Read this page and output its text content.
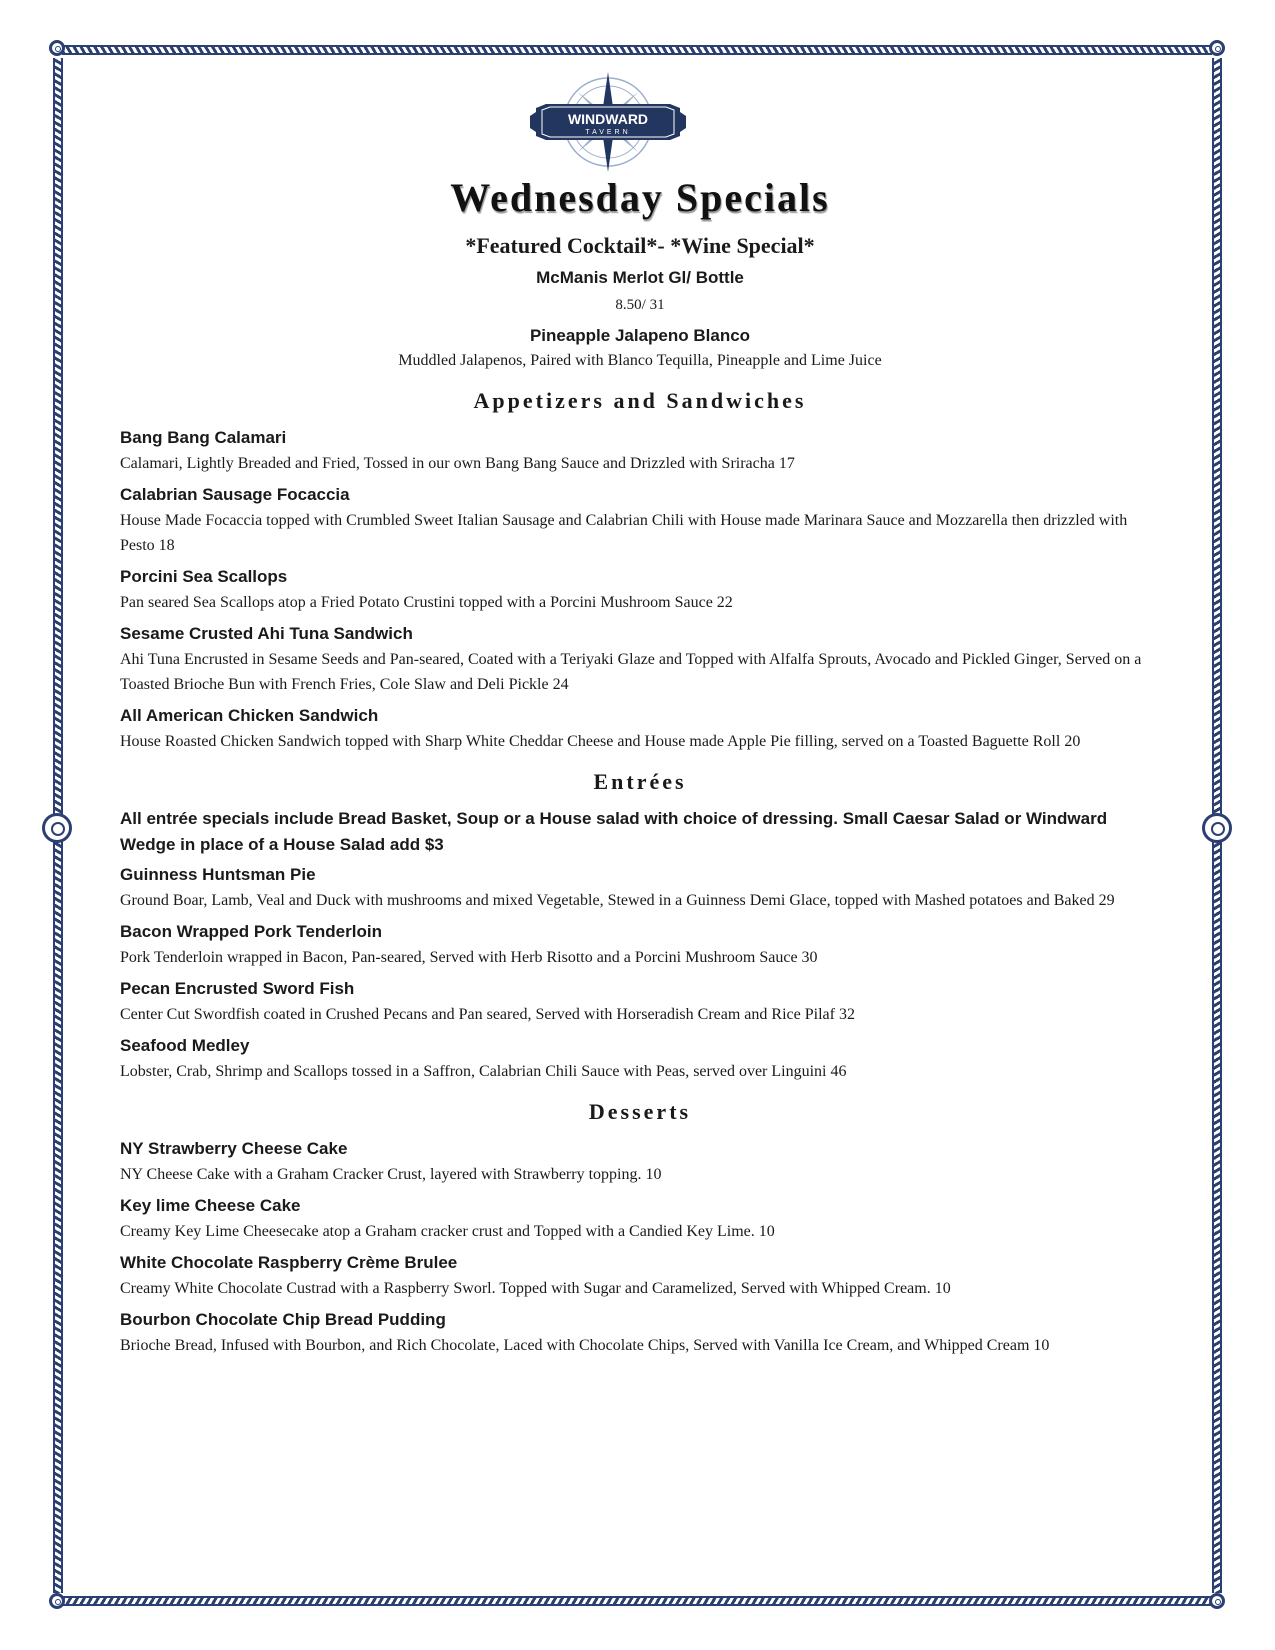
WINDWARD
TAVERN
Wednesday Specials
*Featured Cocktail*- *Wine Special*
McManis Merlot Gl/ Bottle
8.50/ 31
Pineapple Jalapeno Blanco
Muddled Jalapenos, Paired with Blanco Tequilla, Pineapple and Lime Juice
Appetizers and Sandwiches
Bang Bang Calamari
Calamari, Lightly Breaded and Fried, Tossed in our own Bang Bang Sauce and Drizzled with Sriracha 17
Calabrian Sausage Focaccia
House Made Focaccia topped with Crumbled Sweet Italian Sausage and Calabrian Chili with House made Marinara Sauce and Mozzarella then drizzled with Pesto 18
Porcini Sea Scallops
Pan seared Sea Scallops atop a Fried Potato Crustini topped with a Porcini Mushroom Sauce 22
Sesame Crusted Ahi Tuna Sandwich
Ahi Tuna Encrusted in Sesame Seeds and Pan-seared, Coated with a Teriyaki Glaze and Topped with Alfalfa Sprouts, Avocado and Pickled Ginger, Served on a Toasted Brioche Bun with French Fries, Cole Slaw and Deli Pickle 24
All American Chicken Sandwich
House Roasted Chicken Sandwich topped with Sharp White Cheddar Cheese and House made Apple Pie filling, served on a Toasted Baguette Roll 20
Entrées
All entrée specials include Bread Basket, Soup or a House salad with choice of dressing. Small Caesar Salad or Windward Wedge in place of a House Salad add $3
Guinness Huntsman Pie
Ground Boar, Lamb, Veal and Duck with mushrooms and mixed Vegetable, Stewed in a Guinness Demi Glace, topped with Mashed potatoes and Baked 29
Bacon Wrapped Pork Tenderloin
Pork Tenderloin wrapped in Bacon, Pan-seared, Served with Herb Risotto and a Porcini Mushroom Sauce 30
Pecan Encrusted Sword Fish
Center Cut Swordfish coated in Crushed Pecans and Pan seared, Served with Horseradish Cream and Rice Pilaf 32
Seafood Medley
Lobster, Crab, Shrimp and Scallops tossed in a Saffron, Calabrian Chili Sauce with Peas, served over Linguini 46
Desserts
NY Strawberry Cheese Cake
NY Cheese Cake with a Graham Cracker Crust, layered with Strawberry topping. 10
Key lime Cheese Cake
Creamy Key Lime Cheesecake atop a Graham cracker crust and Topped with a Candied Key Lime. 10
White Chocolate Raspberry Crème Brulee
Creamy White Chocolate Custrad with a Raspberry Sworl. Topped with Sugar and Caramelized, Served with Whipped Cream. 10
Bourbon Chocolate Chip Bread Pudding
Brioche Bread, Infused with Bourbon, and Rich Chocolate, Laced with Chocolate Chips, Served with Vanilla Ice Cream, and Whipped Cream 10
